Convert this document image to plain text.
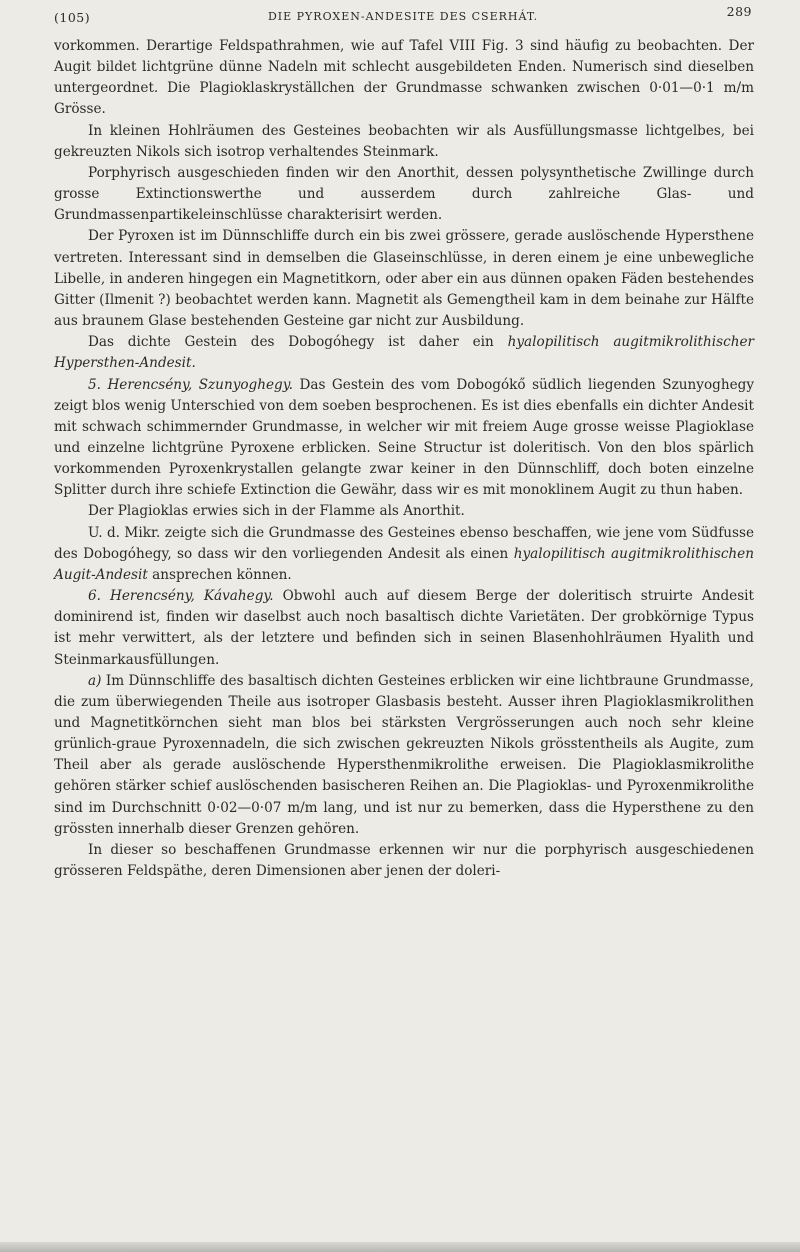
(105)	DIE PYROXEN-ANDESITE DES CSERHÁT.	289

vorkommen. Derartige Feldspathrahmen, wie auf Tafel VIII Fig. 3 sind häufig zu beobachten. Der Augit bildet lichtgrüne dünne Nadeln mit schlecht ausgebildeten Enden. Numerisch sind dieselben untergeordnet. Die Plagioklaskryställchen der Grundmasse schwanken zwischen 0·01—0·1 m/m Grösse.

In kleinen Hohlräumen des Gesteines beobachten wir als Ausfüllungsmasse lichtgelbes, bei gekreuzten Nikols sich isotrop verhaltendes Steinmark.

Porphyrisch ausgeschieden finden wir den Anorthit, dessen polysynthetische Zwillinge durch grosse Extinctionswerthe und ausserdem durch zahlreiche Glas- und Grundmassenpartikeleinschlüsse charakterisirt werden.

Der Pyroxen ist im Dünnschliffe durch ein bis zwei grössere, gerade auslöschende Hypersthene vertreten. Interessant sind in demselben die Glaseinschlüsse, in deren einem je eine unbewegliche Libelle, in anderen hingegen ein Magnetitkorn, oder aber ein aus dünnen opaken Fäden bestehendes Gitter (Ilmenit ?) beobachtet werden kann. Magnetit als Gemengtheil kam in dem beinahe zur Hälfte aus braunem Glase bestehenden Gesteine gar nicht zur Ausbildung.

Das dichte Gestein des Dobogóhegy ist daher ein hyalopilitisch augitmikrolithischer Hypersthen-Andesit.

5. Herencsény, Szunyoghegy. Das Gestein des vom Dobogókő südlich liegenden Szunyoghegy zeigt blos wenig Unterschied von dem soeben besprochenen. Es ist dies ebenfalls ein dichter Andesit mit schwach schimmernder Grundmasse, in welcher wir mit freiem Auge grosse weisse Plagioklase und einzelne lichtgrüne Pyroxene erblicken. Seine Structur ist doleritisch. Von den blos spärlich vorkommenden Pyroxenkrystallen gelangte zwar keiner in den Dünnschliff, doch boten einzelne Splitter durch ihre schiefe Extinction die Gewähr, dass wir es mit monoklinem Augit zu thun haben.

Der Plagioklas erwies sich in der Flamme als Anorthit.

U. d. Mikr. zeigte sich die Grundmasse des Gesteines ebenso beschaffen, wie jene vom Südfusse des Dobogóhegy, so dass wir den vorliegenden Andesit als einen hyalopilitisch augitmikrolithischen Augit-Andesit ansprechen können.

6. Herencsény, Kávahegy. Obwohl auch auf diesem Berge der doleritisch struirte Andesit dominirend ist, finden wir daselbst auch noch basaltisch dichte Varietäten. Der grobkörnige Typus ist mehr verwittert, als der letztere und befinden sich in seinen Blasenhohlräumen Hyalith und Steinmarkausfüllungen.

a) Im Dünnschliffe des basaltisch dichten Gesteines erblicken wir eine lichtbraune Grundmasse, die zum überwiegenden Theile aus isotroper Glasbasis besteht. Ausser ihren Plagioklasmikrolithen und Magnetitkörnchen sieht man blos bei stärksten Vergrösserungen auch noch sehr kleine grünlich-graue Pyroxennadeln, die sich zwischen gekreuzten Nikols grösstentheils als Augite, zum Theil aber als gerade auslöschende Hypersthenmikrolithe erweisen. Die Plagioklasmikrolithe gehören stärker schief auslöschenden basischeren Reihen an. Die Plagioklas- und Pyroxenmikrolithe sind im Durchschnitt 0·02—0·07 m/m lang, und ist nur zu bemerken, dass die Hypersthene zu den grössten innerhalb dieser Grenzen gehören.

In dieser so beschaffenen Grundmasse erkennen wir nur die porphyrisch ausgeschiedenen grösseren Feldspäthe, deren Dimensionen aber jenen der doleri-
